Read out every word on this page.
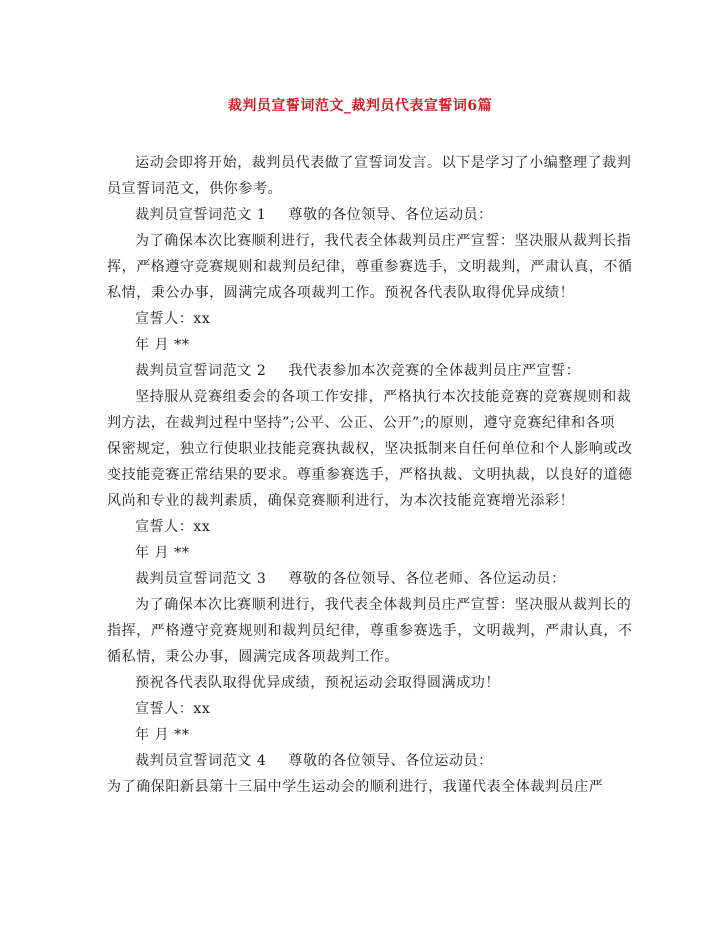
裁判员宣誓词范文_裁判员代表宣誓词6篇
运动会即将开始，裁判员代表做了宣誓词发言。以下是学习了小编整理了裁判
员宣誓词范文，供你参考。
裁判员宣誓词范文 1 尊敬的各位领导、各位运动员：
为了确保本次比赛顺利进行，我代表全体裁判员庄严宣誓：坚决服从裁判长指
挥，严格遵守竞赛规则和裁判员纪律，尊重参赛选手，文明裁判，严肃认真，不循
私情，秉公办事，圆满完成各项裁判工作。预祝各代表队取得优异成绩！
宣誓人：xx
年 月 **
裁判员宣誓词范文 2 我代表参加本次竞赛的全体裁判员庄严宣誓：
坚持服从竞赛组委会的各项工作安排，严格执行本次技能竞赛的竞赛规则和裁
判方法，在裁判过程中坚持”;公平、公正、公开”;的原则，遵守竞赛纪律和各项
保密规定，独立行使职业技能竞赛执裁权，坚决抵制来自任何单位和个人影响或改
变技能竞赛正常结果的要求。尊重参赛选手，严格执裁、文明执裁，以良好的道德
风尚和专业的裁判素质，确保竞赛顺利进行，为本次技能竞赛增光添彩！
宣誓人：xx
年 月 **
裁判员宣誓词范文 3 尊敬的各位领导、各位老师、各位运动员：
为了确保本次比赛顺利进行，我代表全体裁判员庄严宣誓：坚决服从裁判长的
指挥，严格遵守竞赛规则和裁判员纪律，尊重参赛选手，文明裁判，严肃认真，不
循私情，秉公办事，圆满完成各项裁判工作。
预祝各代表队取得优异成绩，预祝运动会取得圆满成功！
宣誓人：xx
年 月 **
裁判员宣誓词范文 4 尊敬的各位领导、各位运动员：
为了确保阳新县第十三届中学生运动会的顺利进行，我谨代表全体裁判员庄严
